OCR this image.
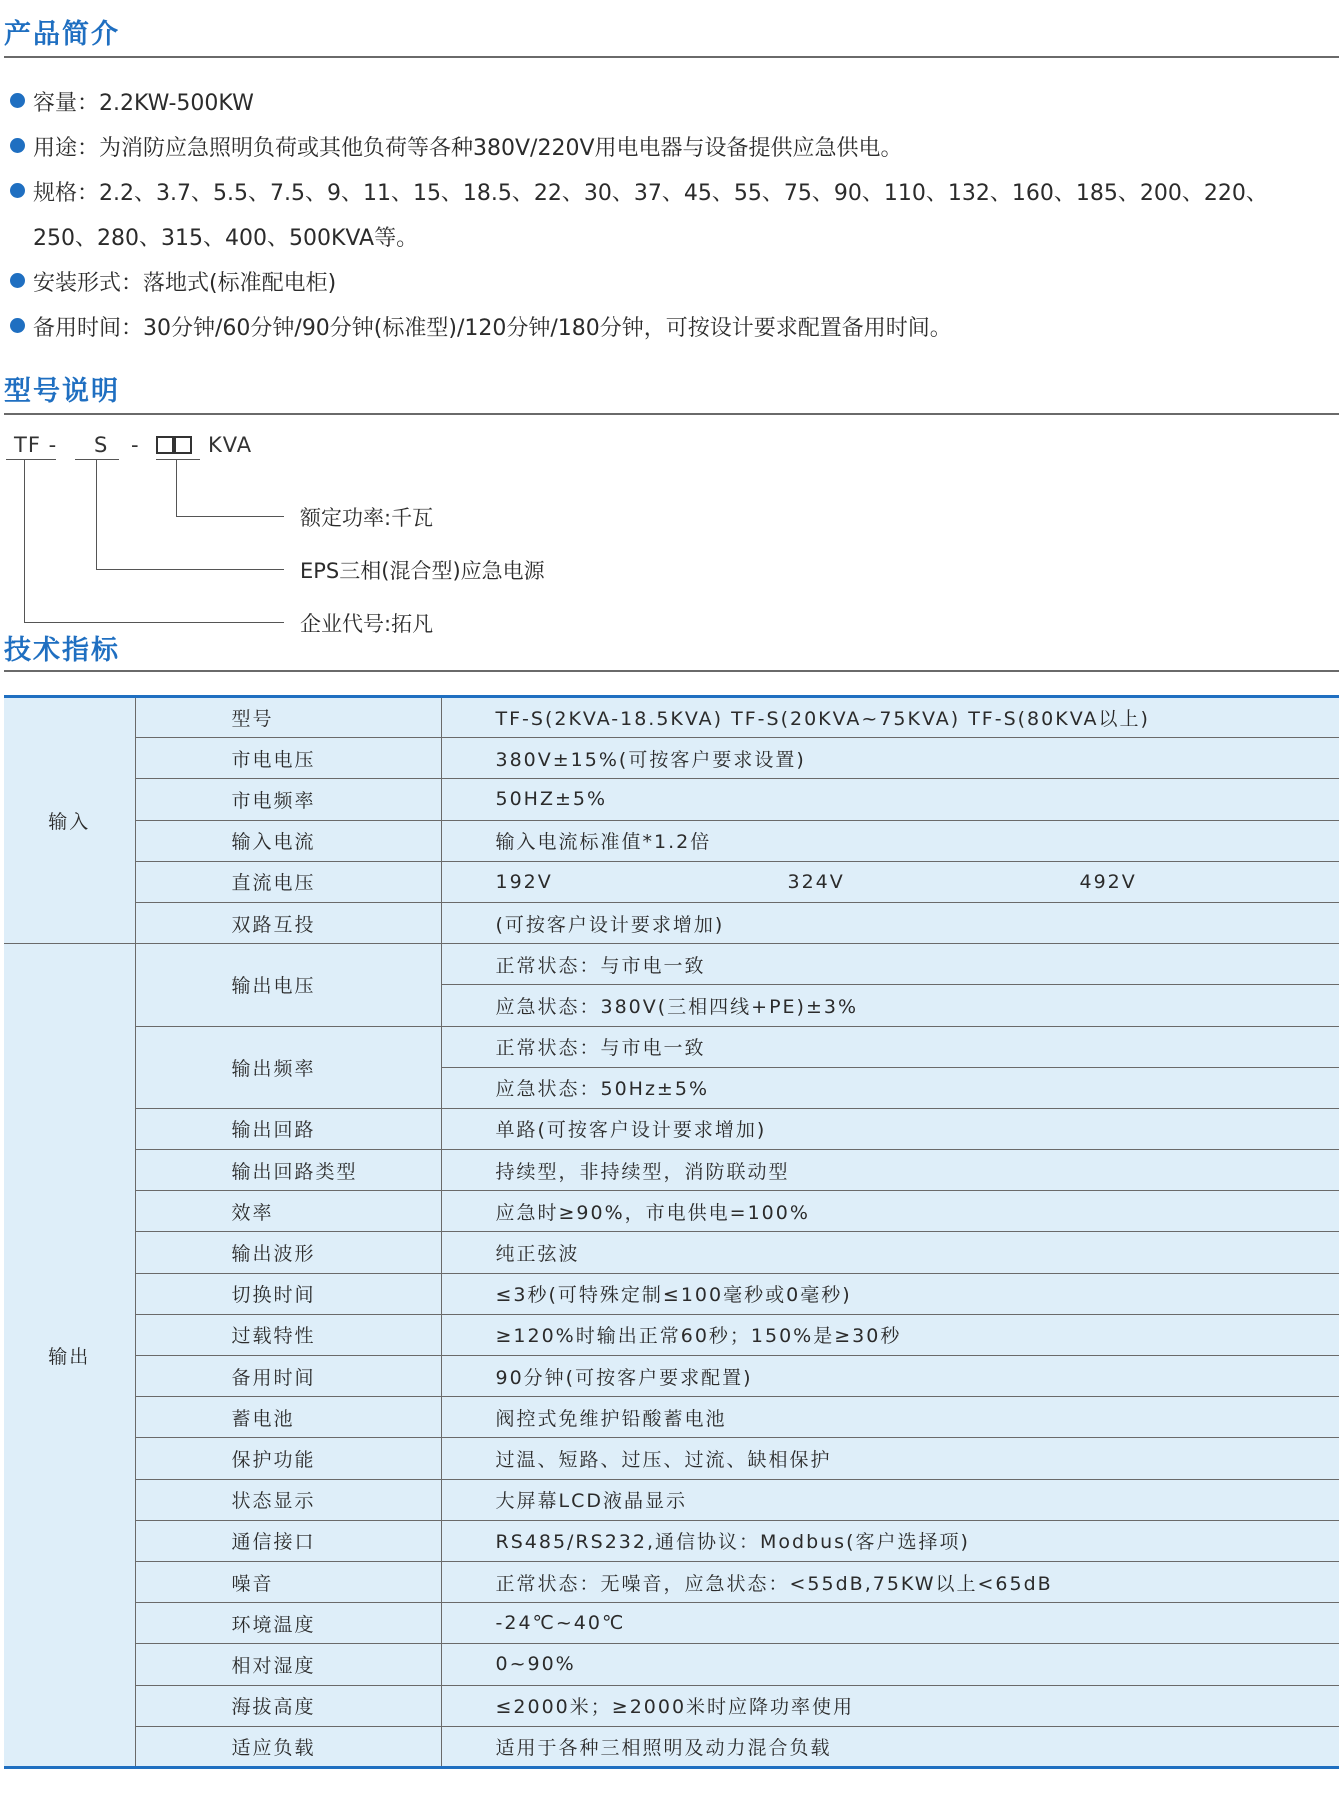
产品简介
容量：2.2KW-500KW
用途：为消防应急照明负荷或其他负荷等各种380V/220V用电电器与设备提供应急供电。
规格：2.2、3.7、5.5、7.5、9、11、15、18.5、22、30、37、45、55、75、90、110、132、160、185、200、220、
250、280、315、400、500KVA等。
安装形式：落地式(标准配电柜)
备用时间：30分钟/60分钟/90分钟(标准型)/120分钟/180分钟，可按设计要求配置备用时间。
型号说明
TF - S -	KVA
额定功率:千瓦
EPS三相(混合型)应急电源
企业代号:拓凡
技术指标
输入	型号	TF-S(2KVA-18.5KVA) TF-S(20KVA~75KVA) TF-S(80KVA以上)
	市电电压	380V±15%(可按客户要求设置)
	市电频率	50HZ±5%
	输入电流	输入电流标准值*1.2倍
	直流电压	192V 324V 492V
	双路互投	(可按客户设计要求增加)
输出	输出电压	正常状态：与市电一致
		应急状态：380V(三相四线+PE)±3%
	输出频率	正常状态：与市电一致
		应急状态：50Hz±5%
	输出回路	单路(可按客户设计要求增加)
	输出回路类型	持续型，非持续型，消防联动型
	效率	应急时≥90%，市电供电=100%
	输出波形	纯正弦波
	切换时间	≤3秒(可特殊定制≤100毫秒或0毫秒)
	过载特性	≥120%时输出正常60秒；150%是≥30秒
	备用时间	90分钟(可按客户要求配置)
	蓄电池	阀控式免维护铅酸蓄电池
	保护功能	过温、短路、过压、过流、缺相保护
	状态显示	大屏幕LCD液晶显示
	通信接口	RS485/RS232,通信协议：Modbus(客户选择项)
	噪音	正常状态：无噪音，应急状态：<55dB,75KW以上<65dB
	环境温度	-24℃~40℃
	相对湿度	0~90%
	海拔高度	≤2000米；≥2000米时应降功率使用
	适应负载	适用于各种三相照明及动力混合负载
